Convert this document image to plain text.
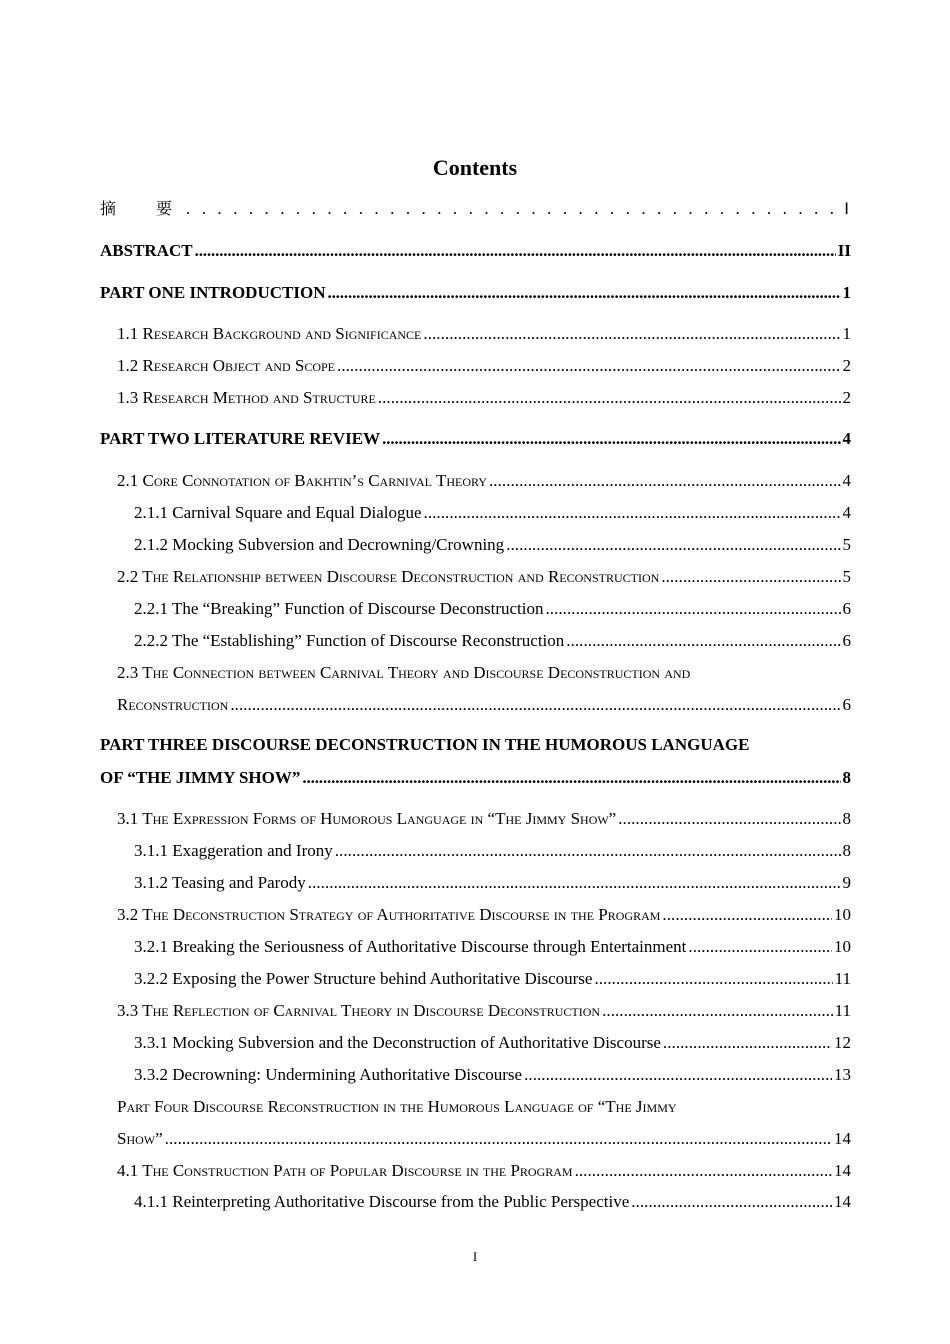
Contents
摘　要 . . .	Ⅰ
ABSTRACT . . .	II
PART ONE INTRODUCTION . . .	1
1.1 Research Background and Significance . . .	1
1.2 Research Object and Scope . . .	2
1.3 Research Method and Structure . . .	2
PART TWO LITERATURE REVIEW . . .	4
2.1 Core Connotation of Bakhtin’s Carnival Theory . . .	4
2.1.1 Carnival Square and Equal Dialogue . . .	4
2.1.2 Mocking Subversion and Decrowning/Crowning . . .	5
2.2 The Relationship between Discourse Deconstruction and Reconstruction . . .	5
2.2.1 The “Breaking” Function of Discourse Deconstruction . . .	6
2.2.2 The “Establishing” Function of Discourse Reconstruction . . .	6
2.3 The Connection between Carnival Theory and Discourse Deconstruction and
Reconstruction . . .	6
PART THREE DISCOURSE DECONSTRUCTION IN THE HUMOROUS LANGUAGE
OF “THE JIMMY SHOW” . . .	8
3.1 The Expression Forms of Humorous Language in “The Jimmy Show” . . .	8
3.1.1 Exaggeration and Irony . . .	8
3.1.2 Teasing and Parody . . .	9
3.2 The Deconstruction Strategy of Authoritative Discourse in the Program . . .	10
3.2.1 Breaking the Seriousness of Authoritative Discourse through Entertainment . . .	10
3.2.2 Exposing the Power Structure behind Authoritative Discourse . . .	11
3.3 The Reflection of Carnival Theory in Discourse Deconstruction . . .	11
3.3.1 Mocking Subversion and the Deconstruction of Authoritative Discourse . . .	12
3.3.2 Decrowning: Undermining Authoritative Discourse . . .	13
Part Four Discourse Reconstruction in the Humorous Language of “The Jimmy
Show” . . .	14
4.1 The Construction Path of Popular Discourse in the Program . . .	14
4.1.1 Reinterpreting Authoritative Discourse from the Public Perspective . . .	14
I
